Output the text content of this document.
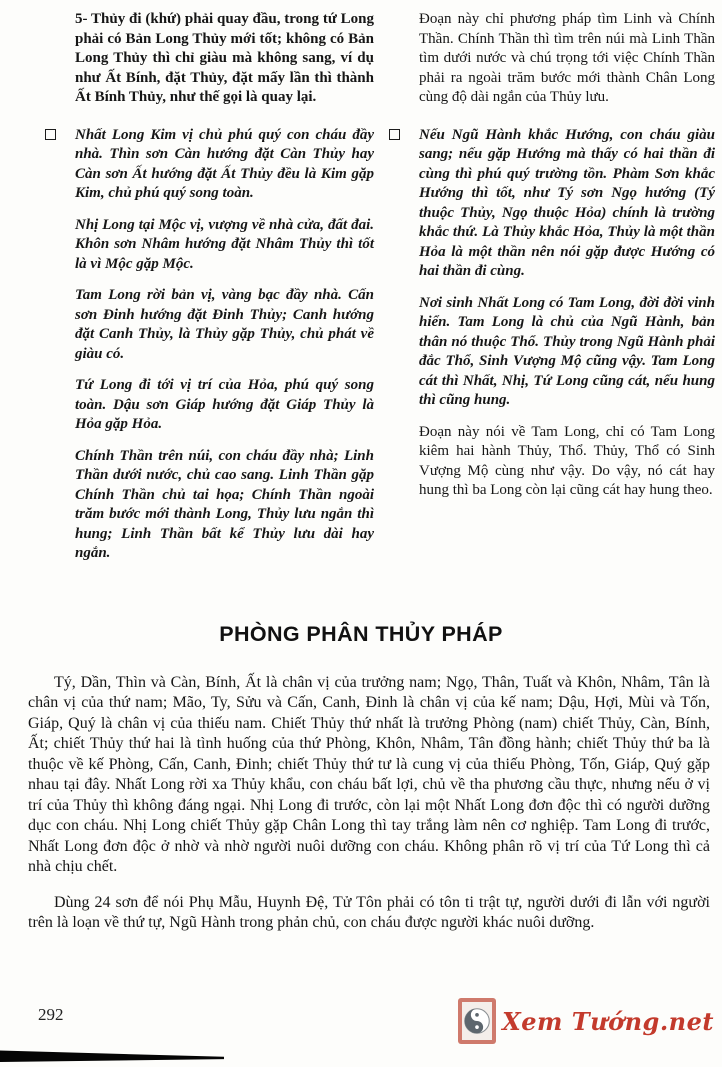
5- Thủy đi (khứ) phải quay đầu, trong tứ Long phải có Bản Long Thủy mới tốt; không có Bản Long Thủy thì chỉ giàu mà không sang, ví dụ như Ất Bính, đặt Thủy, đặt mấy lần thì thành Ất Bính Thủy, như thế gọi là quay lại.

Nhất Long Kim vị chủ phú quý con cháu đầy nhà. Thìn sơn Càn hướng đặt Càn Thủy hay Càn sơn Ất hướng đặt Ất Thủy đều là Kim gặp Kim, chủ phú quý song toàn.

Nhị Long tại Mộc vị, vượng về nhà cửa, đất đai. Khôn sơn Nhâm hướng đặt Nhâm Thủy thì tốt là vì Mộc gặp Mộc.

Tam Long rời bản vị, vàng bạc đầy nhà. Cấn sơn Đinh hướng đặt Đinh Thủy; Canh hướng đặt Canh Thủy, là Thủy gặp Thủy, chủ phát về giàu có.

Tứ Long đi tới vị trí của Hỏa, phú quý song toàn. Dậu sơn Giáp hướng đặt Giáp Thủy là Hỏa gặp Hỏa.

Chính Thần trên núi, con cháu đầy nhà; Linh Thần dưới nước, chủ cao sang. Linh Thần gặp Chính Thần chủ tai họa; Chính Thần ngoài trăm bước mới thành Long, Thủy lưu ngắn thì hung; Linh Thần bất kể Thủy lưu dài hay ngắn.

Đoạn này chỉ phương pháp tìm Linh và Chính Thần. Chính Thần thì tìm trên núi mà Linh Thần tìm dưới nước và chú trọng tới việc Chính Thần phải ra ngoài trăm bước mới thành Chân Long cùng độ dài ngắn của Thủy lưu.

Nếu Ngũ Hành khắc Hướng, con cháu giàu sang; nếu gặp Hướng mà thấy có hai thần đi cùng thì phú quý trường tồn. Phàm Sơn khắc Hướng thì tốt, như Tý sơn Ngọ hướng (Tý thuộc Thủy, Ngọ thuộc Hỏa) chính là trường khắc thứ. Là Thủy khắc Hỏa, Thủy là một thần Hỏa là một thần nên nói gặp được Hướng có hai thần đi cùng.

Nơi sinh Nhất Long có Tam Long, đời đời vinh hiển. Tam Long là chủ của Ngũ Hành, bản thân nó thuộc Thổ. Thủy trong Ngũ Hành phải đắc Thổ, Sinh Vượng Mộ cũng vậy. Tam Long cát thì Nhất, Nhị, Tứ Long cũng cát, nếu hung thì cũng hung.

Đoạn này nói về Tam Long, chỉ có Tam Long kiêm hai hành Thủy, Thổ. Thủy, Thổ có Sinh Vượng Mộ cùng như vậy. Do vậy, nó cát hay hung thì ba Long còn lại cũng cát hay hung theo.

PHÒNG PHÂN THỦY PHÁP

Tý, Dần, Thìn và Càn, Bính, Ất là chân vị của trưởng nam; Ngọ, Thân, Tuất và Khôn, Nhâm, Tân là chân vị của thứ nam; Mão, Ty, Sửu và Cấn, Canh, Đinh là chân vị của kế nam; Dậu, Hợi, Mùi và Tốn, Giáp, Quý là chân vị của thiếu nam. Chiết Thủy thứ nhất là trưởng Phòng (nam) chiết Thủy, Càn, Bính, Ất; chiết Thủy thứ hai là tình huống của thứ Phòng, Khôn, Nhâm, Tân đồng hành; chiết Thủy thứ ba là thuộc về kế Phòng, Cấn, Canh, Đinh; chiết Thủy thứ tư là cung vị của thiếu Phòng, Tốn, Giáp, Quý gặp nhau tại đây. Nhất Long rời xa Thủy khẩu, con cháu bất lợi, chủ về tha phương cầu thực, nhưng nếu ở vị trí của Thủy thì không đáng ngại. Nhị Long đi trước, còn lại một Nhất Long đơn độc thì có người dưỡng dục con cháu. Nhị Long chiết Thủy gặp Chân Long thì tay trắng làm nên cơ nghiệp. Tam Long đi trước, Nhất Long đơn độc ở nhờ và nhờ người nuôi dưỡng con cháu. Không phân rõ vị trí của Tứ Long thì cả nhà chịu chết.

Dùng 24 sơn để nói Phụ Mẫu, Huynh Đệ, Tử Tôn phải có tôn ti trật tự, người dưới đi lẫn với người trên là loạn về thứ tự, Ngũ Hành trong phản chủ, con cháu được người khác nuôi dưỡng.

292	Xem Tướng.net
